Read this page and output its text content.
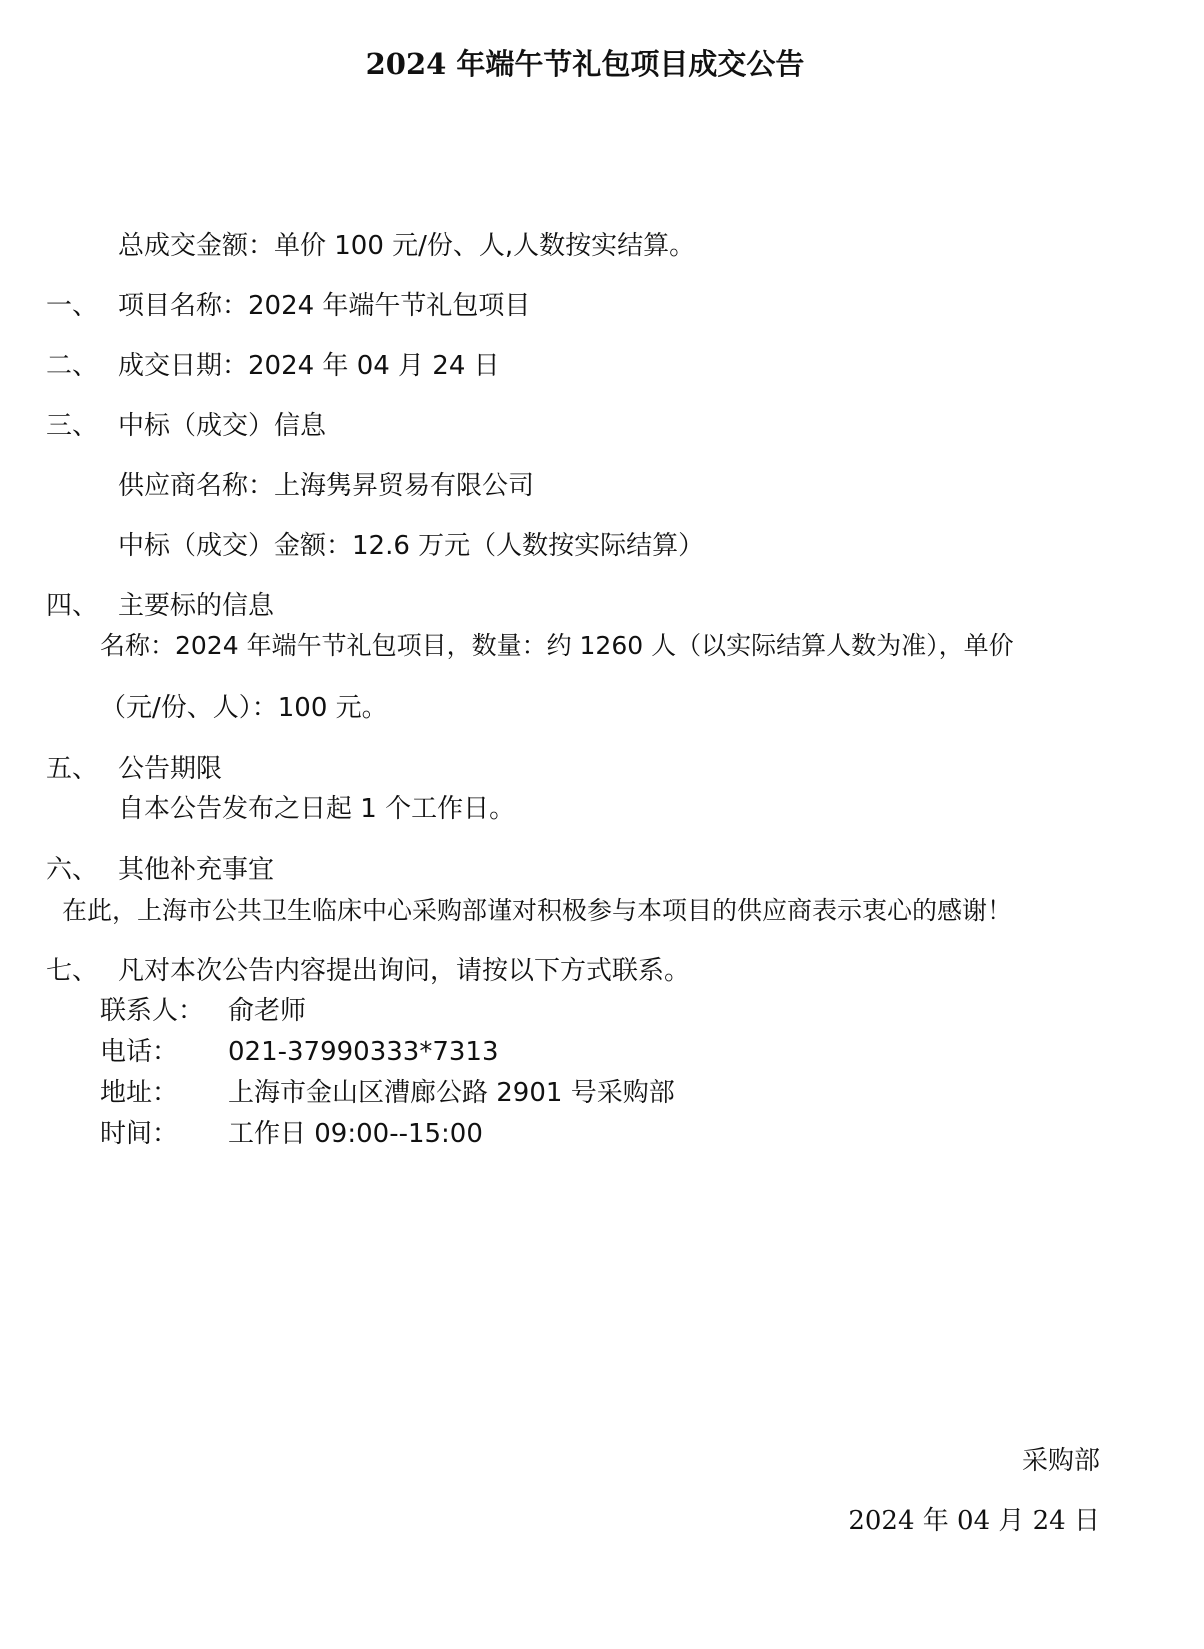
2024 年端午节礼包项目成交公告
总成交金额：单价 100 元/份、人,人数按实结算。
一、 项目名称：2024 年端午节礼包项目
二、 成交日期：2024 年 04 月 24 日
三、 中标（成交）信息
供应商名称：上海隽昇贸易有限公司
中标（成交）金额：12.6 万元（人数按实际结算）
四、 主要标的信息
名称：2024 年端午节礼包项目，数量：约 1260 人（以实际结算人数为准），单价
（元/份、人）：100 元。
五、 公告期限
自本公告发布之日起 1 个工作日。
六、 其他补充事宜
在此，上海市公共卫生临床中心采购部谨对积极参与本项目的供应商表示衷心的感谢！
七、 凡对本次公告内容提出询问，请按以下方式联系。
联系人： 俞老师
电话： 021-37990333*7313
地址： 上海市金山区漕廊公路 2901 号采购部
时间： 工作日 09:00--15:00
采购部
2024 年 04 月 24 日
